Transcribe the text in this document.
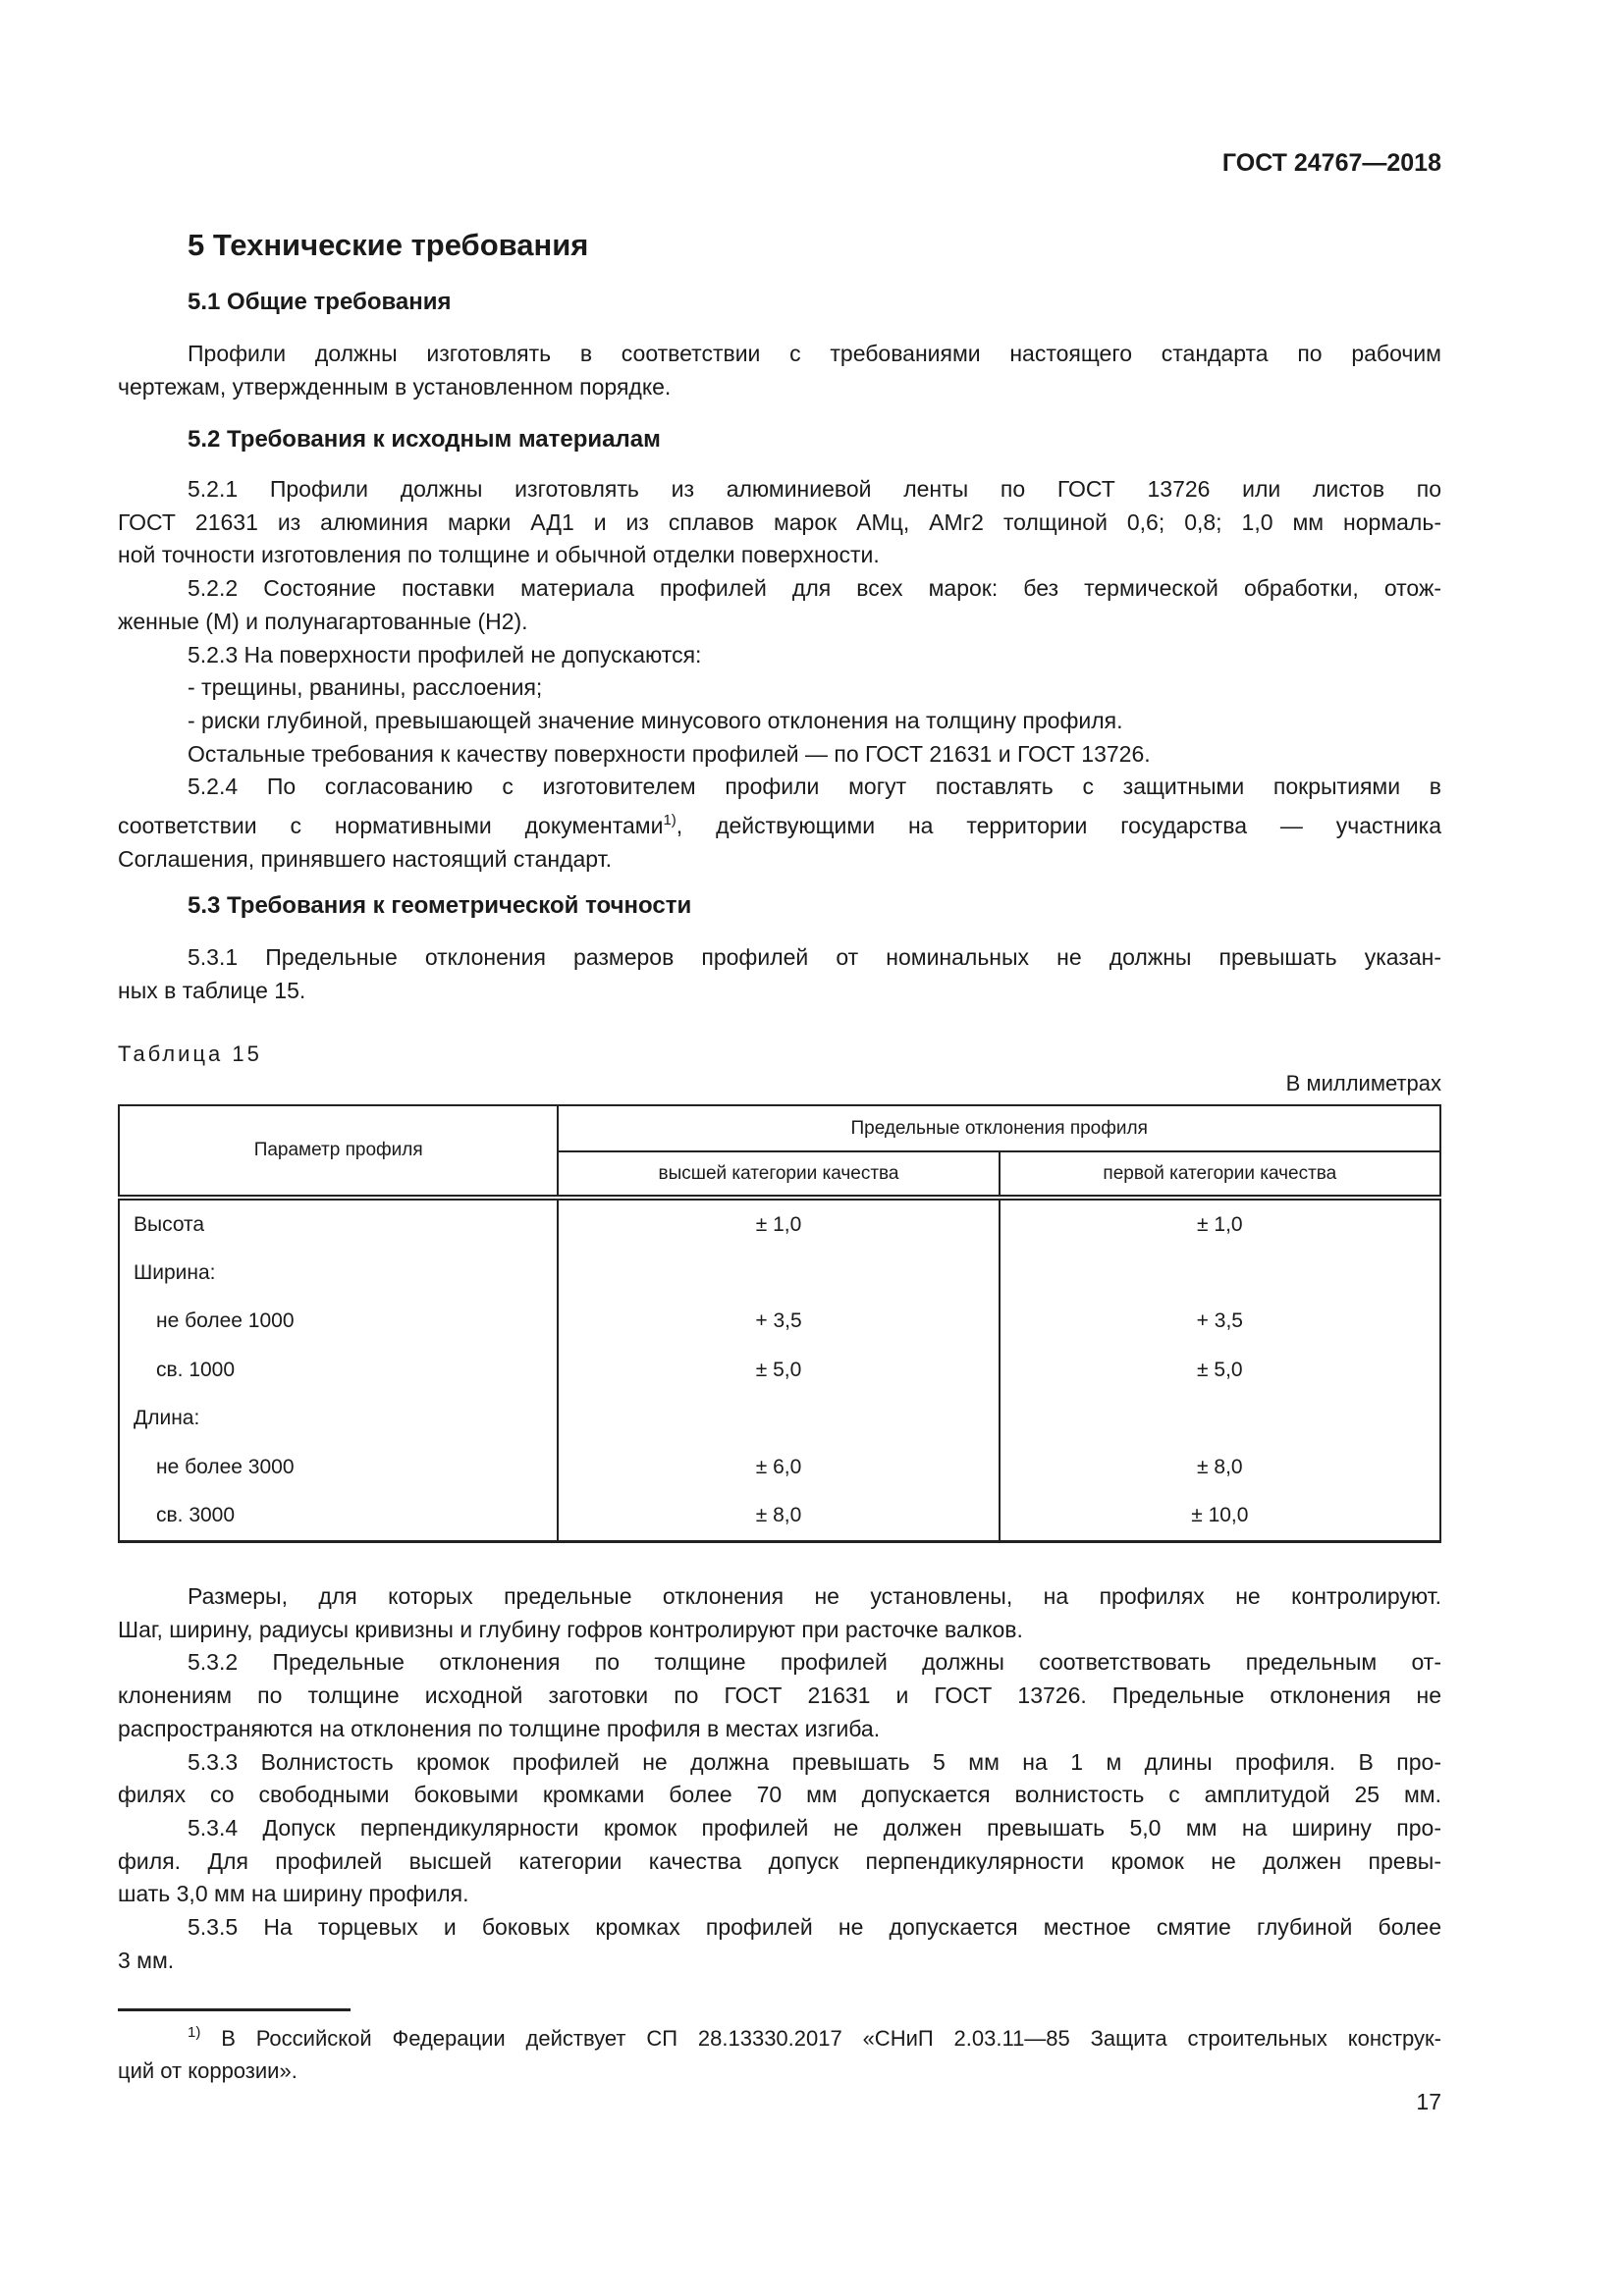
ГОСТ 24767—2018
5 Технические требования
5.1 Общие требования
Профили должны изготовлять в соответствии с требованиями настоящего стандарта по рабочим
чертежам, утвержденным в установленном порядке.
5.2 Требования к исходным материалам
5.2.1 Профили должны изготовлять из алюминиевой ленты по ГОСТ 13726 или листов по
ГОСТ 21631 из алюминия марки АД1 и из сплавов марок АМц, АМг2 толщиной 0,6; 0,8; 1,0 мм нормаль-
ной точности изготовления по толщине и обычной отделки поверхности.
5.2.2 Состояние поставки материала профилей для всех марок: без термической обработки, отож-
женные (М) и полунагартованные (Н2).
5.2.3 На поверхности профилей не допускаются:
- трещины, рванины, расслоения;
- риски глубиной, превышающей значение минусового отклонения на толщину профиля.
Остальные требования к качеству поверхности профилей — по ГОСТ 21631 и ГОСТ 13726.
5.2.4 По согласованию с изготовителем профили могут поставлять с защитными покрытиями в
соответствии с нормативными документами$^{1)}$, действующими на территории государства — участника
Соглашения, принявшего настоящий стандарт.
5.3 Требования к геометрической точности
5.3.1 Предельные отклонения размеров профилей от номинальных не должны превышать указан-
ных в таблице 15.
Таблица 15
В миллиметрах
Параметр профиля	Предельные отклонения профиля	
	высшей категории качества	первой категории качества
Высота	± 1,0	± 1,0
Ширина:		
не более 1000	+ 3,5	+ 3,5
св. 1000	± 5,0	± 5,0
Длина:		
не более 3000	± 6,0	± 8,0
св. 3000	± 8,0	± 10,0
Размеры, для которых предельные отклонения не установлены, на профилях не контролируют.
Шаг, ширину, радиусы кривизны и глубину гофров контролируют при расточке валков.
5.3.2 Предельные отклонения по толщине профилей должны соответствовать предельным от-
клонениям по толщине исходной заготовки по ГОСТ 21631 и ГОСТ 13726. Предельные отклонения не
распространяются на отклонения по толщине профиля в местах изгиба.
5.3.3 Волнистость кромок профилей не должна превышать 5 мм на 1 м длины профиля. В про-
филях со свободными боковыми кромками более 70 мм допускается волнистость с амплитудой 25 мм.
5.3.4 Допуск перпендикулярности кромок профилей не должен превышать 5,0 мм на ширину про-
филя. Для профилей высшей категории качества допуск перпендикулярности кромок не должен превы-
шать 3,0 мм на ширину профиля.
5.3.5 На торцевых и боковых кромках профилей не допускается местное смятие глубиной более
3 мм.
$^{1)}$ В Российской Федерации действует СП 28.13330.2017 «СНиП 2.03.11—85 Защита строительных конструк-
ций от коррозии».
17
